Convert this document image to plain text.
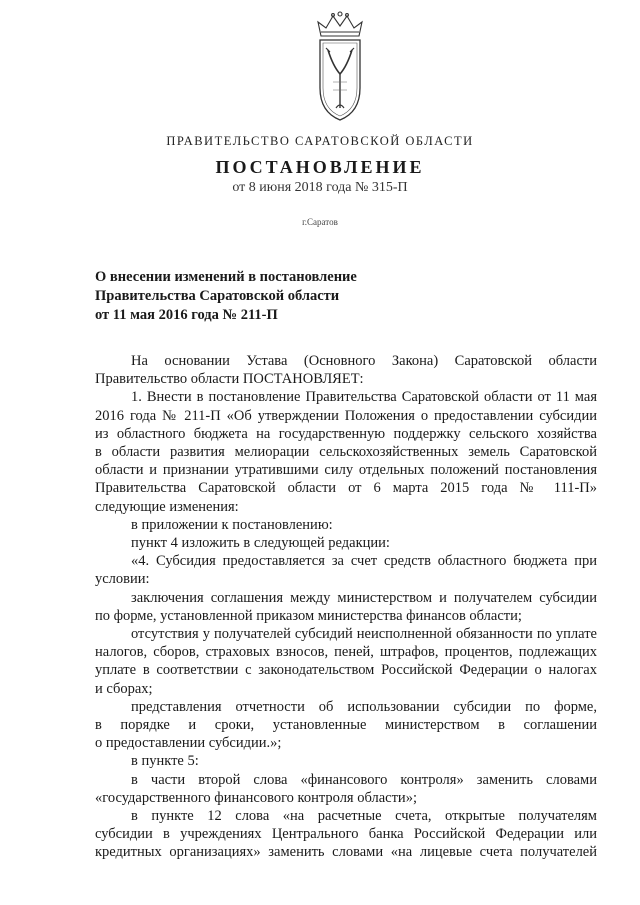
ПРАВИТЕЛЬСТВО САРАТОВСКОЙ ОБЛАСТИ
ПОСТАНОВЛЕНИЕ
от 8 июня 2018 года № 315-П
г.Саратов
О внесении изменений в постановление
Правительства Саратовской области
от 11 мая 2016 года № 211-П
На основании Устава (Основного Закона) Саратовской области
Правительство области ПОСТАНОВЛЯЕТ:
1. Внести в постановление Правительства Саратовской области от 11 мая
2016 года № 211-П «Об утверждении Положения о предоставлении субсидии
из областного бюджета на государственную поддержку сельского хозяйства
в области развития мелиорации сельскохозяйственных земель Саратовской
области и признании утратившими силу отдельных положений постановления
Правительства Саратовской области от 6 марта 2015 года № 111-П»
следующие изменения:
в приложении к постановлению:
пункт 4 изложить в следующей редакции:
«4. Субсидия предоставляется за счет средств областного бюджета при
условии:
заключения соглашения между министерством и получателем субсидии
по форме, установленной приказом министерства финансов области;
отсутствия у получателей субсидий неисполненной обязанности по уплате
налогов, сборов, страховых взносов, пеней, штрафов, процентов, подлежащих
уплате в соответствии с законодательством Российской Федерации о налогах
и сборах;
представления отчетности об использовании субсидии по форме,
в порядке и сроки, установленные министерством в соглашении
о предоставлении субсидии.»;
в пункте 5:
в части второй слова «финансового контроля» заменить словами
«государственного финансового контроля области»;
в пункте 12 слова «на расчетные счета, открытые получателям
субсидии в учреждениях Центрального банка Российской Федерации или
кредитных организациях» заменить словами «на лицевые счета получателей
